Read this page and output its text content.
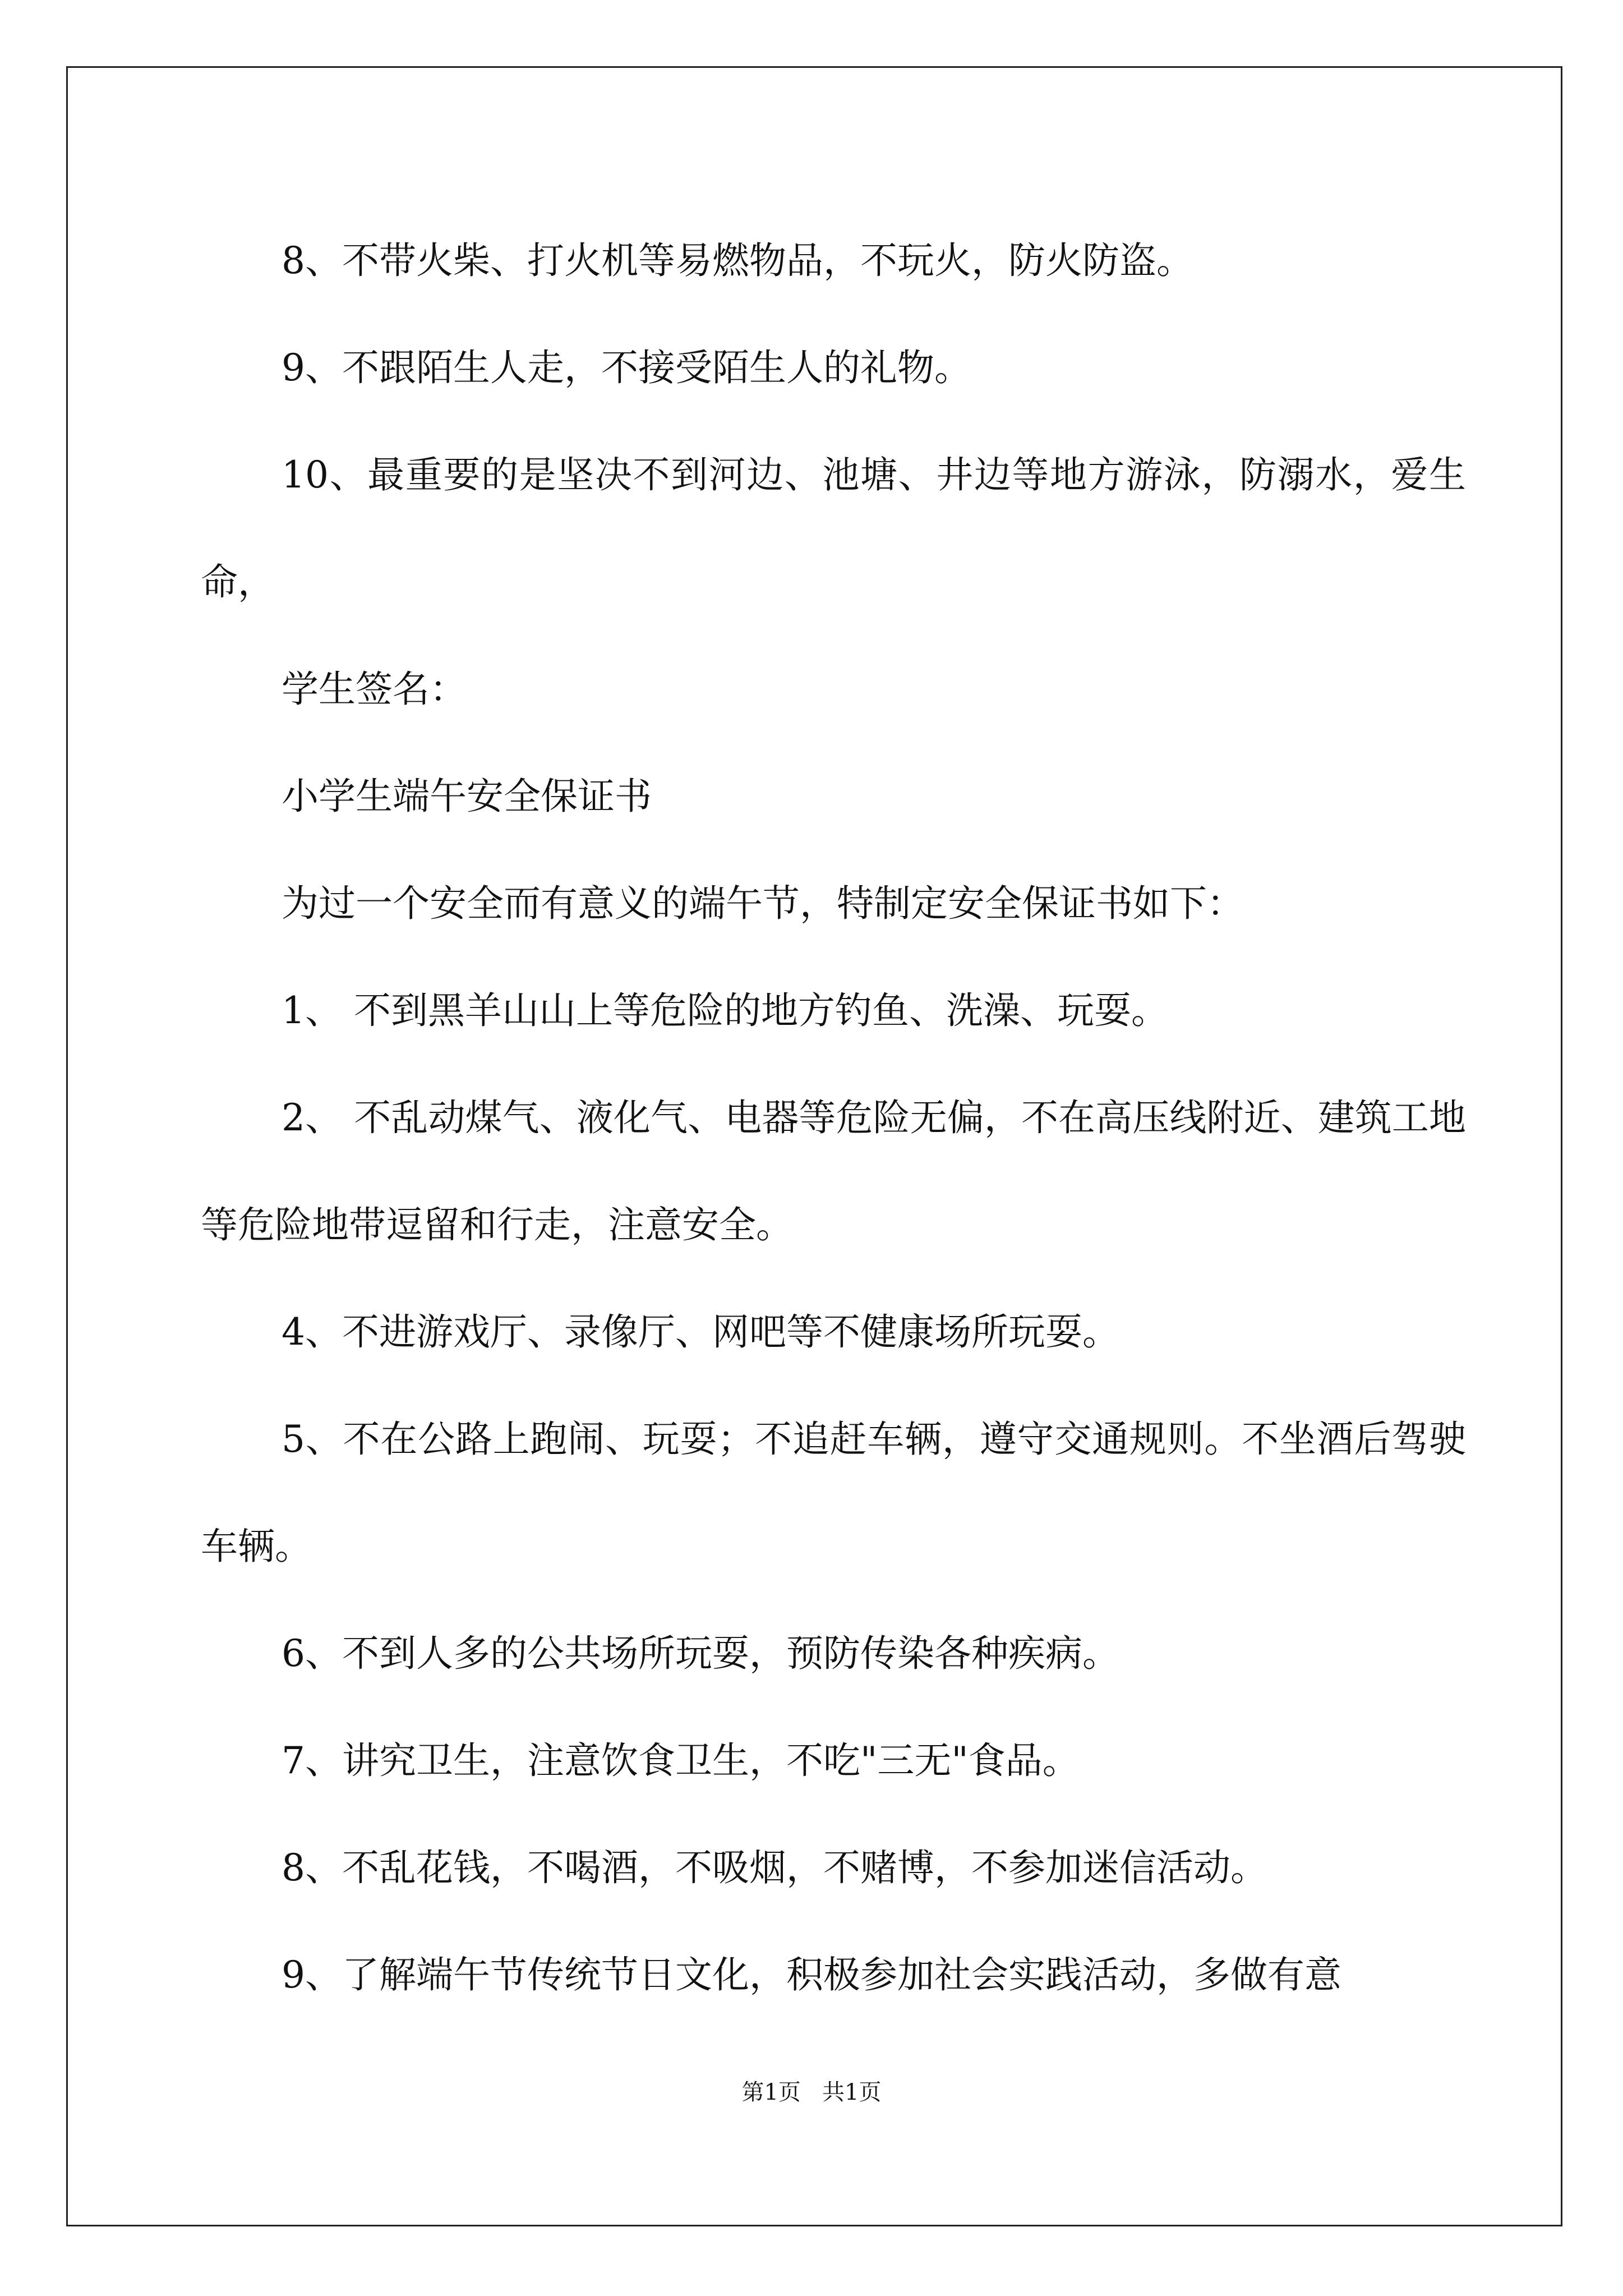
8、不带火柴、打火机等易燃物品，不玩火，防火防盗。

9、不跟陌生人走，不接受陌生人的礼物。

10、最重要的是坚决不到河边、池塘、井边等地方游泳，防溺水，爱生命，

学生签名：

小学生端午安全保证书

为过一个安全而有意义的端午节，特制定安全保证书如下：

1、 不到黑羊山山上等危险的地方钓鱼、洗澡、玩耍。

2、 不乱动煤气、液化气、电器等危险无偏，不在高压线附近、建筑工地等危险地带逗留和行走，注意安全。

4、不进游戏厅、录像厅、网吧等不健康场所玩耍。

5、不在公路上跑闹、玩耍；不追赶车辆，遵守交通规则。不坐酒后驾驶车辆。

6、不到人多的公共场所玩耍，预防传染各种疾病。

7、讲究卫生，注意饮食卫生，不吃"三无"食品。

8、不乱花钱，不喝酒，不吸烟，不赌博，不参加迷信活动。

9、了解端午节传统节日文化，积极参加社会实践活动，多做有意

第1页   共1页
